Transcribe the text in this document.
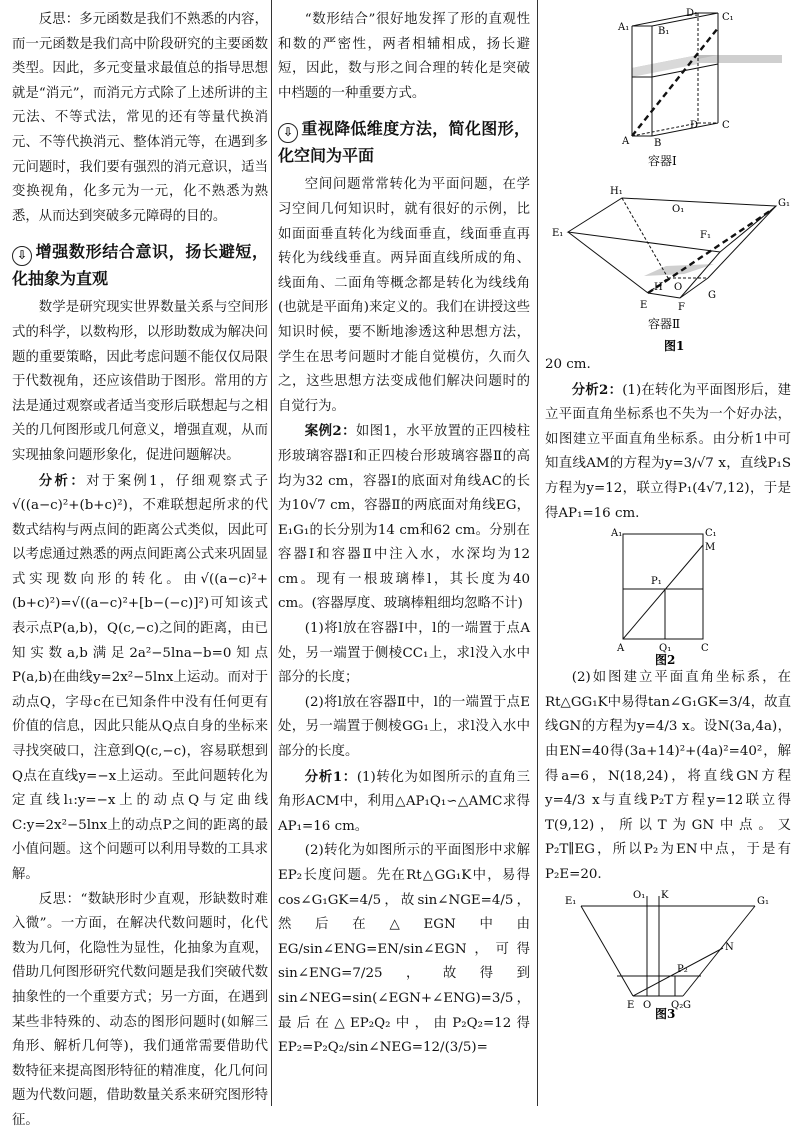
反思：多元函数是我们不熟悉的内容，而一元函数是我们高中阶段研究的主要函数类型。因此，多元变量求最值总的指导思想就是“消元”，而消元方式除了上述所讲的主元法、不等式法，常见的还有等量代换消元、不等代换消元、整体消元等，在遇到多元问题时，我们要有强烈的消元意识，适当变换视角，化多元为一元，化不熟悉为熟悉，从而达到突破多元障碍的目的。

⇩ 增强数形结合意识，扬长避短，化抽象为直观

数学是研究现实世界数量关系与空间形式的科学，以数构形，以形助数成为解决问题的重要策略，因此考虑问题不能仅仅局限于代数视角，还应该借助于图形。常用的方法是通过观察或者适当变形后联想起与之相关的几何图形或几何意义，增强直观，从而实现抽象问题形象化，促进问题解决。

分析：对于案例1，仔细观察式子√((a−c)²+(b+c)²)，不难联想起所求的代数式结构与两点间的距离公式类似，因此可以考虑通过熟悉的两点间距离公式来巩固显式实现数向形的转化。由√((a−c)²+(b+c)²)=√((a−c)²+[b−(−c)]²)可知该式表示点P(a,b)，Q(c,−c)之间的距离，由已知实数a,b满足2a²−5lna−b=0知点P(a,b)在曲线y=2x²−5lnx上运动。而对于动点Q，字母c在已知条件中没有任何更有价值的信息，因此只能从Q点自身的坐标来寻找突破口，注意到Q(c,−c)，容易联想到Q点在直线y=−x上运动。至此问题转化为定直线l₁:y=−x上的动点Q与定曲线C:y=2x²−5lnx上的动点P之间的距离的最小值问题。这个问题可以利用导数的工具求解。

反思：“数缺形时少直观，形缺数时难入微”。一方面，在解决代数问题时，化代数为几何，化隐性为显性，化抽象为直观，借助几何图形研究代数问题是我们突破代数抽象性的一个重要方式；另一方面，在遇到某些非特殊的、动态的图形问题时(如解三角形、解析几何等)，我们通常需要借助代数特征来提高图形特征的精准度，化几何问题为代数问题，借助数量关系来研究图形特征。

“数形结合”很好地发挥了形的直观性和数的严密性，两者相辅相成，扬长避短，因此，数与形之间合理的转化是突破中档题的一种重要方式。

⇩ 重视降低维度方法，简化图形，化空间为平面

空间问题常常转化为平面问题，在学习空间几何知识时，就有很好的示例，比如面面垂直转化为线面垂直，线面垂直再转化为线线垂直。两异面直线所成的角、线面角、二面角等概念都是转化为线线角(也就是平面角)来定义的。我们在讲授这些知识时候，要不断地渗透这种思想方法，学生在思考问题时才能自觉模仿，久而久之，这些思想方法变成他们解决问题时的自觉行为。

案例2：如图1，水平放置的正四棱柱形玻璃容器Ⅰ和正四棱台形玻璃容器Ⅱ的高均为32 cm，容器Ⅰ的底面对角线AC的长为10√7 cm，容器Ⅱ的两底面对角线EG，E₁G₁的长分别为14 cm和62 cm。分别在容器Ⅰ和容器Ⅱ中注入水，水深均为12 cm。现有一根玻璃棒l，其长度为40 cm。(容器厚度、玻璃棒粗细均忽略不计)

(1)将l放在容器Ⅰ中，l的一端置于点A处，另一端置于侧棱CC₁上，求l没入水中部分的长度；

(2)将l放在容器Ⅱ中，l的一端置于点E处，另一端置于侧棱GG₁上，求l没入水中部分的长度。

分析1：(1)转化为如图所示的直角三角形ACM中，利用△AP₁Q₁∽△AMC求得AP₁=16 cm。

(2)转化为如图所示的平面图形中求解EP₂长度问题。先在Rt△GG₁K中，易得cos∠G₁GK=4/5，故sin∠NGE=4/5，然后在△EGN中由EG/sin∠ENG=EN/sin∠EGN，可得sin∠ENG=7/25，故得到sin∠NEG=sin(∠EGN+∠ENG)=3/5，最后在△EP₂Q₂中，由P₂Q₂=12得EP₂=P₂Q₂/sin∠NEG=12/(3/5)=

D₁ C₁
A₁	B₁
D C
A B
容器Ⅰ
H₁
O₁
G₁
E₁	F₁
H O
E	F
G
容器Ⅱ
图1

20 cm.

分析2：(1)在转化为平面图形后，建立平面直角坐标系也不失为一个好办法，如图建立平面直角坐标系。由分析1中可知直线AM的方程为y=3/√7 x，直线P₁S方程为y=12，联立得P₁(4√7,12)，于是得AP₁=16 cm.

A₁	C₁
M
P₁
A	Q₁	C
图2

(2)如图建立平面直角坐标系，在Rt△GG₁K中易得tan∠G₁GK=3/4，故直线GN的方程为y=4/3 x。设N(3a,4a)，由EN=40得(3a+14)²+(4a)²=40²，解得a=6，N(18,24)，将直线GN方程y=4/3 x与直线P₂T方程y=12联立得T(9,12)，所以T为GN中点。又P₂T∥EG，所以P₂为EN中点，于是有P₂E=20.

E₁
O₁ K
G₁
N
P₂
E O	G
Q₂
图3
